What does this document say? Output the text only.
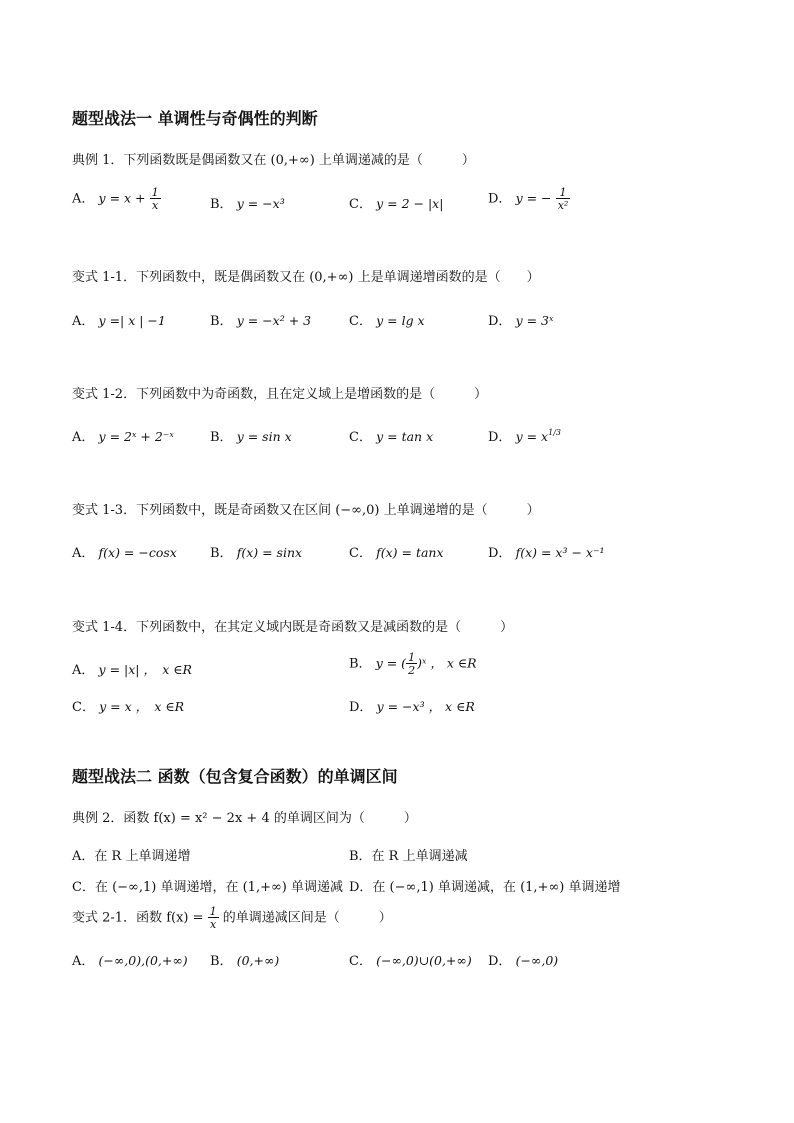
题型战法一 单调性与奇偶性的判断
典例 1．下列函数既是偶函数又在 (0,+∞) 上单调递减的是（　　　）
A． $y = x + \frac{1}{x}$	B． y = −x³	C． y = 2 − |x|	D． y = − $\frac{1}{\text{x²}}$
变式 1-1．下列函数中，既是偶函数又在 (0,+∞) 上是单调递增函数的是（　　）
A． y =| x | −1	B． y = −x² + 3	C． y = lg x	D． y = 3ˣ
变式 1-2．下列函数中为奇函数，且在定义域上是增函数的是（　　　）
A． y = 2ˣ + 2⁻ˣ	B． y = sin x	C． y = tan x	D． $y = x^{1/3}$
变式 1-3．下列函数中，既是奇函数又在区间 (−∞,0) 上单调递增的是（　　　）
A． f(x) = −cosx	B． f(x) = sinx	C． f(x) = tanx	D． f(x) = x³ − x⁻¹
变式 1-4．下列函数中，在其定义域内既是奇函数又是减函数的是（　　　）
A． y = |x| ，　x ∈R	B． y = ( $\frac{1}{2}$ )ˣ ， x ∈R
C． y = x ，　x ∈R	D． y = −x³ ， x ∈R
题型战法二 函数（包含复合函数）的单调区间
典例 2．函数 f(x) = x² − 2x + 4 的单调区间为（　　　）
A．在 R 上单调递增	B．在 R 上单调递减
C．在 (−∞,1) 单调递增，在 (1,+∞) 单调递减 D．在 (−∞,1) 单调递减，在 (1,+∞) 单调递增
变式 2-1．函数 $f(x) = \frac{1}{x}$ 的单调递减区间是（　　　）
A． (−∞,0),(0,+∞) B． (0,+∞)	C． (−∞,0)∪(0,+∞) D． (−∞,0)
